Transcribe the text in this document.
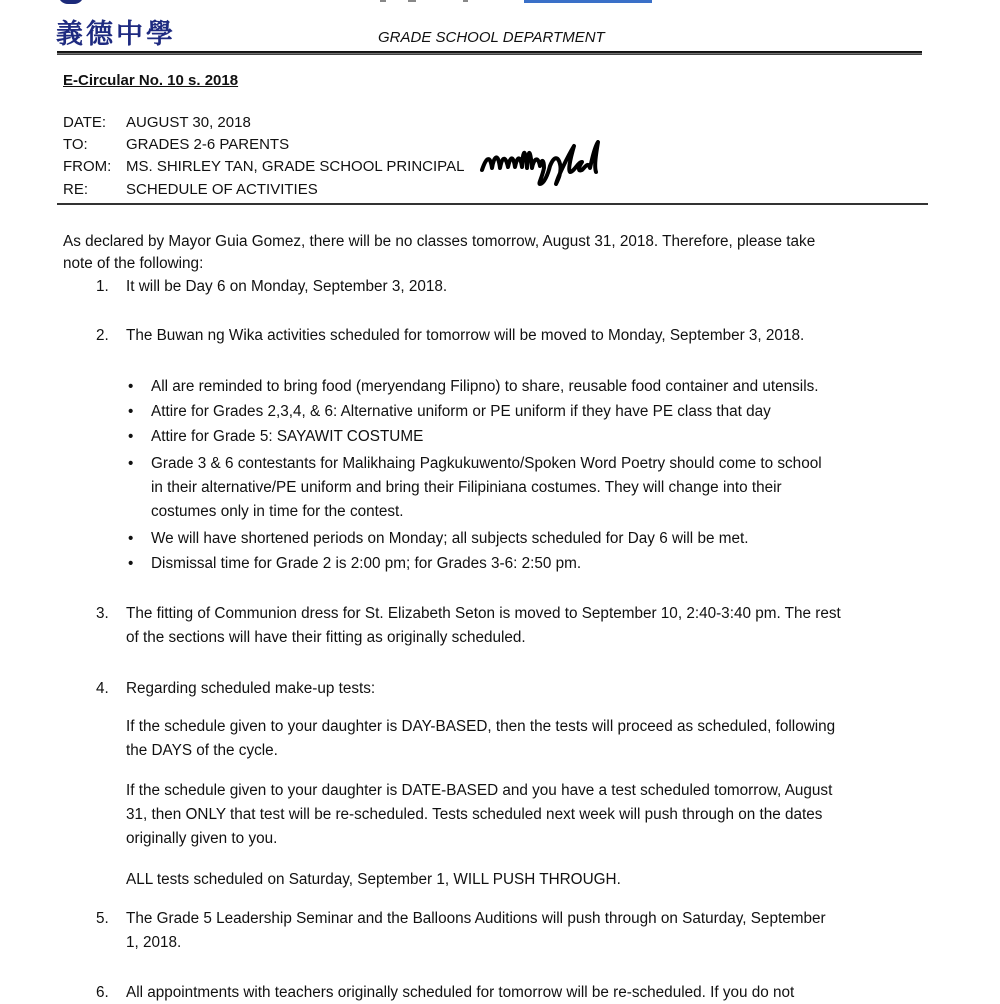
義德中學	GRADE SCHOOL DEPARTMENT
E-Circular No. 10 s. 2018
DATE: AUGUST 30, 2018
TO:	GRADES 2-6 PARENTS
FROM: MS. SHIRLEY TAN, GRADE SCHOOL PRINCIPAL
RE:	SCHEDULE OF ACTIVITIES
As declared by Mayor Guia Gomez, there will be no classes tomorrow, August 31, 2018. Therefore, please take
note of the following:
1. It will be Day 6 on Monday, September 3, 2018.
2. The Buwan ng Wika activities scheduled for tomorrow will be moved to Monday, September 3, 2018.
• All are reminded to bring food (meryendang Filipno) to share, reusable food container and utensils.
• Attire for Grades 2,3,4, & 6: Alternative uniform or PE uniform if they have PE class that day
• Attire for Grade 5: SAYAWIT COSTUME
• Grade 3 & 6 contestants for Malikhaing Pagkukuwento/Spoken Word Poetry should come to school
in their alternative/PE uniform and bring their Filipiniana costumes. They will change into their
costumes only in time for the contest.
• We will have shortened periods on Monday; all subjects scheduled for Day 6 will be met.
• Dismissal time for Grade 2 is 2:00 pm; for Grades 3-6: 2:50 pm.
3. The fitting of Communion dress for St. Elizabeth Seton is moved to September 10, 2:40-3:40 pm. The rest
of the sections will have their fitting as originally scheduled.
4. Regarding scheduled make-up tests:
If the schedule given to your daughter is DAY-BASED, then the tests will proceed as scheduled, following
the DAYS of the cycle.
If the schedule given to your daughter is DATE-BASED and you have a test scheduled tomorrow, August
31, then ONLY that test will be re-scheduled. Tests scheduled next week will push through on the dates
originally given to you.
ALL tests scheduled on Saturday, September 1, WILL PUSH THROUGH.
5. The Grade 5 Leadership Seminar and the Balloons Auditions will push through on Saturday, September
1, 2018.
6. All appointments with teachers originally scheduled for tomorrow will be re-scheduled. If you do not
